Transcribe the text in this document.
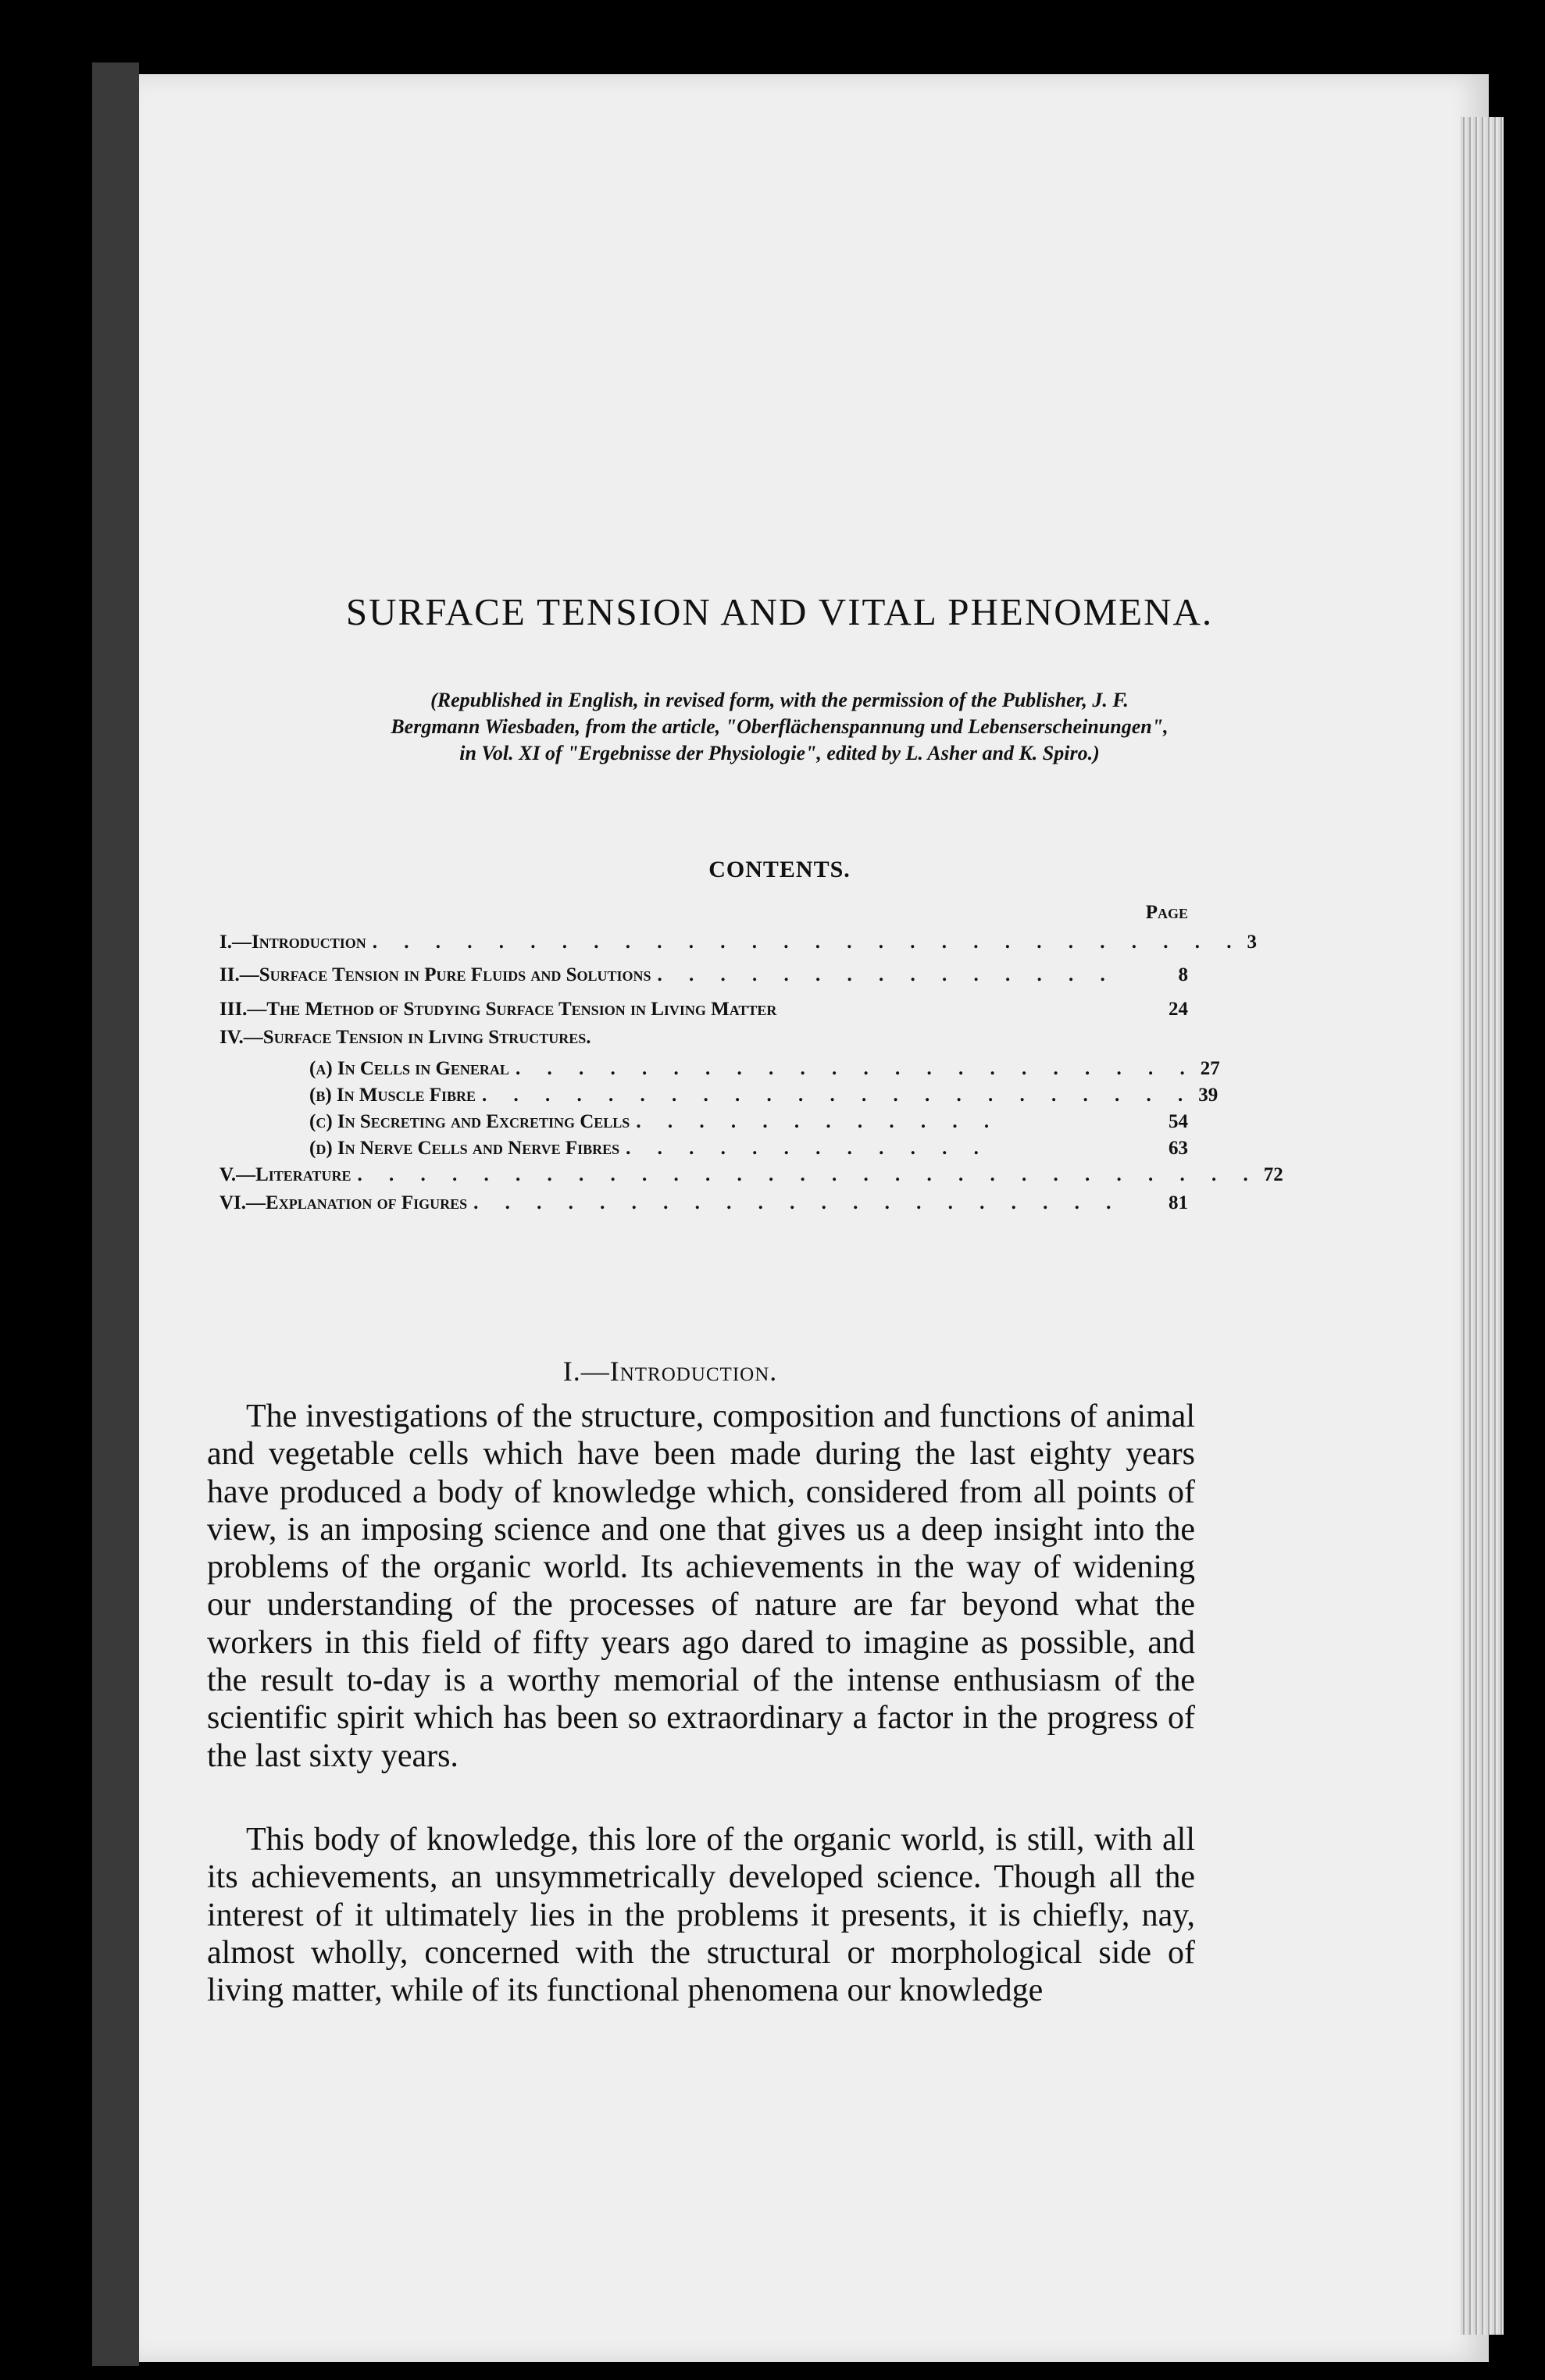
SURFACE TENSION AND VITAL PHENOMENA.

(Republished in English, in revised form, with the permission of the Publisher, J. F. Bergmann Wiesbaden, from the article, "Oberflächenspannung und Lebenserscheinungen", in Vol. XI of "Ergebnisse der Physiologie", edited by L. Asher and K. Spiro.)

CONTENTS.
Page
I.—Introduction . . . . . . . . . . . . . . . . . . . . . . . . . . . . 3
II.—Surface Tension in Pure Fluids and Solutions . . . . . . . . . . . . . . .	8
III.—The Method of Studying Surface Tension in Living Matter	24
IV.—Surface Tension in Living Structures.
(a) In Cells in General . . . . . . . . . . . . . . . . . . . . . . 27
(b) In Muscle Fibre . . . . . . . . . . . . . . . . . . . . . . . 39
(c) In Secreting and Excreting Cells . . . . . . . . . . . .	54
(d) In Nerve Cells and Nerve Fibres . . . . . . . . . . . .	63
V.—Literature . . . . . . . . . . . . . . . . . . . . . . . . . . . . . 72
VI.—Explanation of Figures . . . . . . . . . . . . . . . . . . . . .	81
I.—Introduction.

The investigations of the structure, composition and functions of animal and vegetable cells which have been made during the last eighty years have produced a body of knowledge which, considered from all points of view, is an imposing science and one that gives us a deep insight into the problems of the organic world. Its achievements in the way of widening our understanding of the processes of nature are far beyond what the workers in this field of fifty years ago dared to imagine as possible, and the result to-day is a worthy memorial of the intense enthusiasm of the scientific spirit which has been so extraordinary a factor in the progress of the last sixty years.

This body of knowledge, this lore of the organic world, is still, with all its achievements, an unsymmetrically developed science. Though all the interest of it ultimately lies in the problems it presents, it is chiefly, nay, almost wholly, concerned with the structural or morphological side of living matter, while of its functional phenomena our knowledge
